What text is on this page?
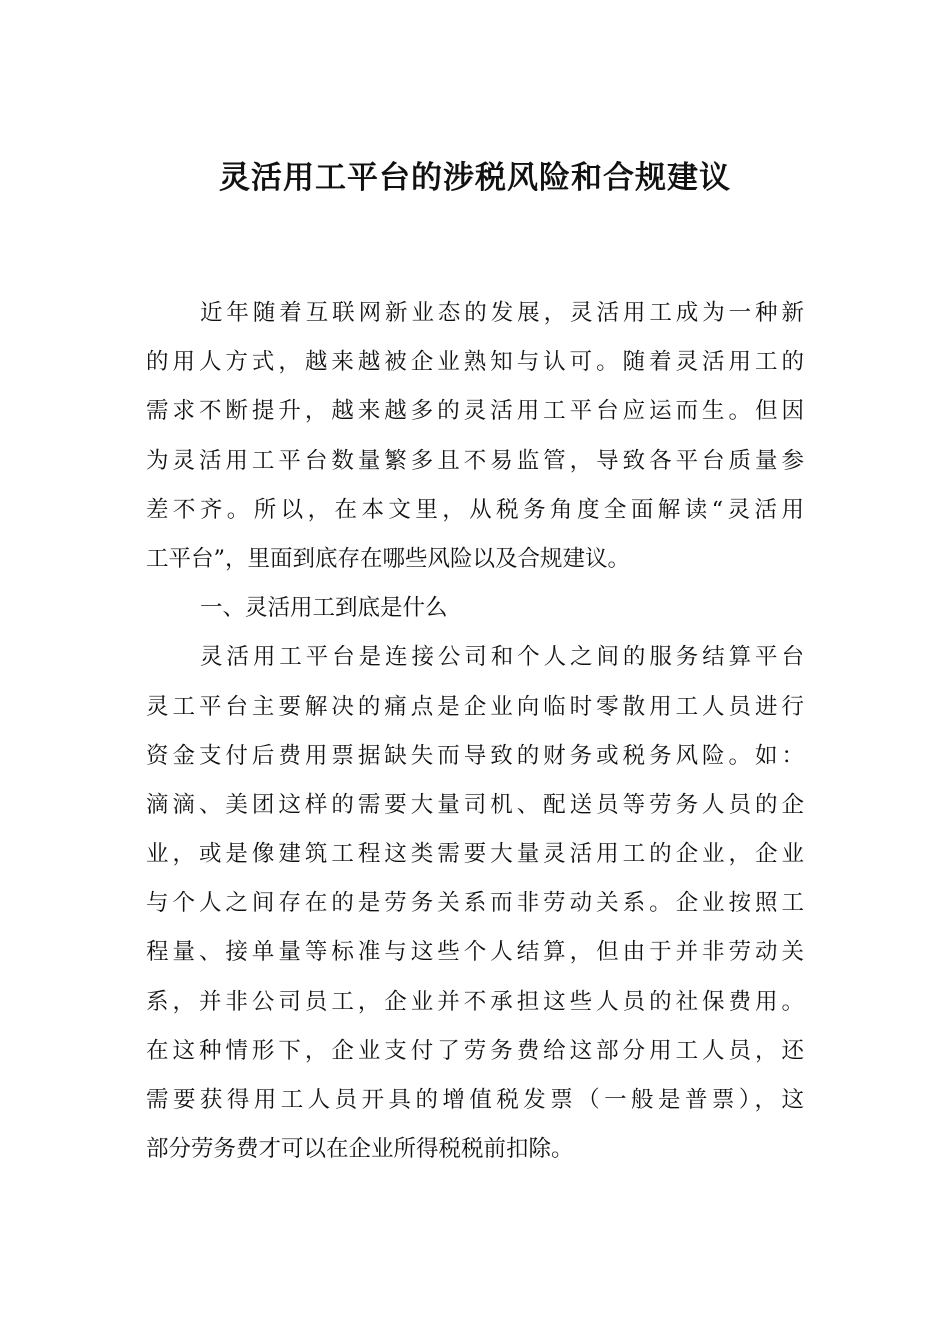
灵活用工平台的涉税风险和合规建议
近年随着互联网新业态的发展，灵活用工成为一种新
的用人方式，越来越被企业熟知与认可。随着灵活用工的
需求不断提升，越来越多的灵活用工平台应运而生。但因
为灵活用工平台数量繁多且不易监管，导致各平台质量参
差不齐。所以，在本文里，从税务角度全面解读“灵活用
工平台”，里面到底存在哪些风险以及合规建议。
一、灵活用工到底是什么
灵活用工平台是连接公司和个人之间的服务结算平台
灵工平台主要解决的痛点是企业向临时零散用工人员进行
资金支付后费用票据缺失而导致的财务或税务风险。如：
滴滴、美团这样的需要大量司机、配送员等劳务人员的企
业，或是像建筑工程这类需要大量灵活用工的企业，企业
与个人之间存在的是劳务关系而非劳动关系。企业按照工
程量、接单量等标准与这些个人结算，但由于并非劳动关
系，并非公司员工，企业并不承担这些人员的社保费用。
在这种情形下，企业支付了劳务费给这部分用工人员，还
需要获得用工人员开具的增值税发票（一般是普票），这
部分劳务费才可以在企业所得税税前扣除。
